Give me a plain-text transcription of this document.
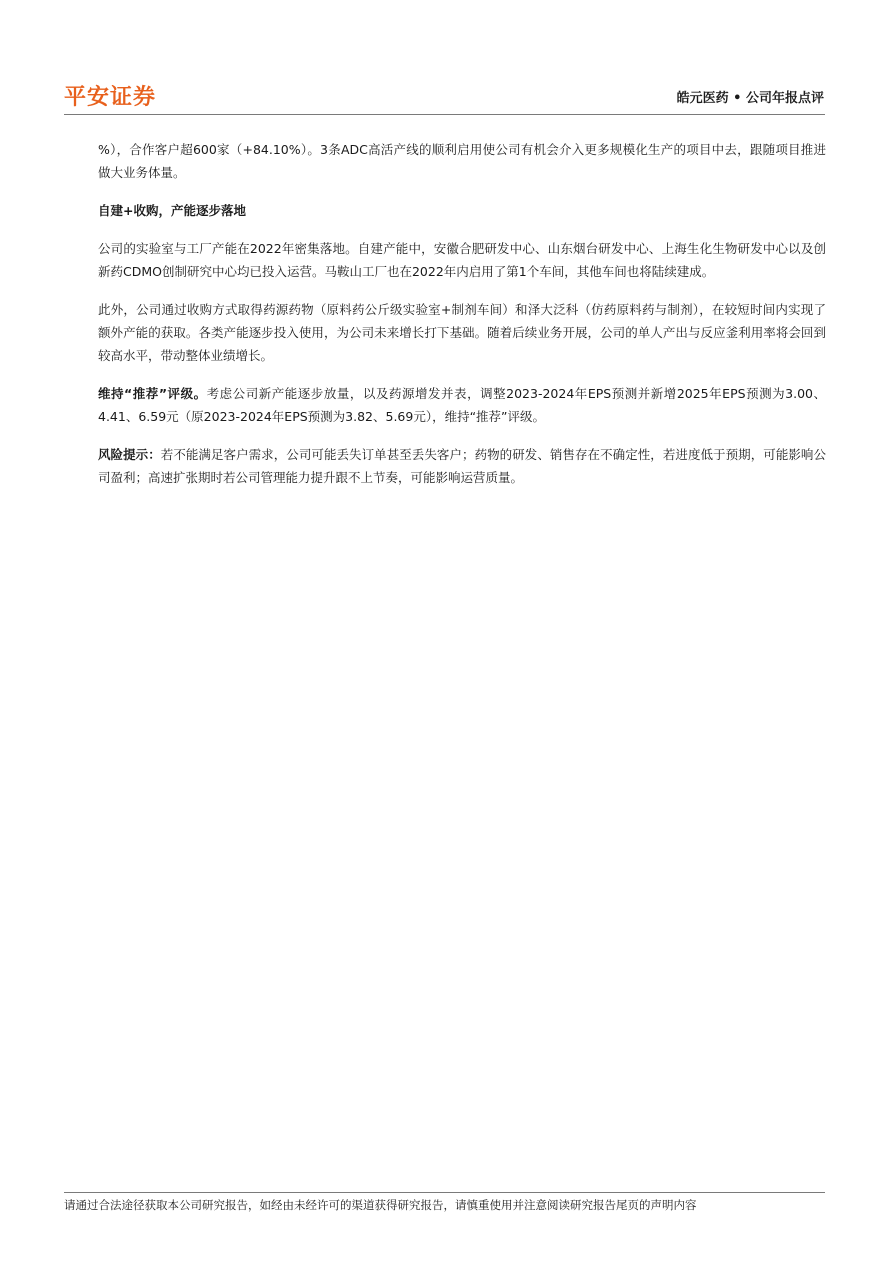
平安证券	皓元医药 • 公司年报点评

%），合作客户超600家（+84.10%）。3条ADC高活产线的顺利启用使公司有机会介入更多规模化生产的项目中去，跟随项目推进做大业务体量。

自建+收购，产能逐步落地

公司的实验室与工厂产能在2022年密集落地。自建产能中，安徽合肥研发中心、山东烟台研发中心、上海生化生物研发中心以及创新药CDMO创制研究中心均已投入运营。马鞍山工厂也在2022年内启用了第1个车间，其他车间也将陆续建成。

此外，公司通过收购方式取得药源药物（原料药公斤级实验室+制剂车间）和泽大泛科（仿药原料药与制剂），在较短时间内实现了额外产能的获取。各类产能逐步投入使用，为公司未来增长打下基础。随着后续业务开展，公司的单人产出与反应釜利用率将会回到较高水平，带动整体业绩增长。

维持“推荐”评级。考虑公司新产能逐步放量，以及药源增发并表，调整2023-2024年EPS预测并新增2025年EPS预测为3.00、4.41、6.59元（原2023-2024年EPS预测为3.82、5.69元），维持“推荐”评级。

风险提示：若不能满足客户需求，公司可能丢失订单甚至丢失客户；药物的研发、销售存在不确定性，若进度低于预期，可能影响公司盈利；高速扩张期时若公司管理能力提升跟不上节奏，可能影响运营质量。

请通过合法途径获取本公司研究报告，如经由未经许可的渠道获得研究报告，请慎重使用并注意阅读研究报告尾页的声明内容
